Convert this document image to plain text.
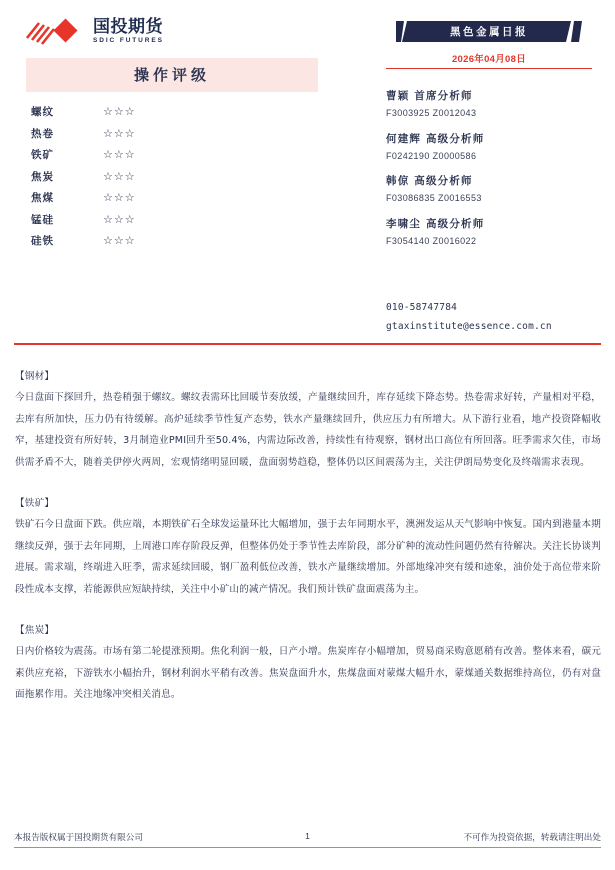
国投期货
SDIC FUTURES
操作评级
螺纹	☆☆☆
热卷	☆☆☆
铁矿	☆☆☆
焦炭	☆☆☆
焦煤	☆☆☆
锰硅	☆☆☆
硅铁	☆☆☆
黑色金属日报
2026年04月08日
曹颖 首席分析师
F3003925 Z0012043
何建辉 高级分析师
F0242190 Z0000586
韩倞 高级分析师
F03086835 Z0016553
李啸尘 高级分析师
F3054140 Z0016022
010-58747784
gtaxinstitute@essence.com.cn
【钢材】
今日盘面下探回升，热卷稍强于螺纹。螺纹表需环比回暖节奏放缓，产量继续回升，库存延续下降态势。热卷需求好转，产量相对平稳，去库有所加快，压力仍有待缓解。高炉延续季节性复产态势，铁水产量继续回升，供应压力有所增大。从下游行业看，地产投资降幅收窄，基建投资有所好转，3月制造业PMI回升至50.4%，内需边际改善，持续性有待观察，钢材出口高位有所回落。旺季需求欠佳，市场供需矛盾不大，随着美伊停火两周，宏观情绪明显回暖，盘面弱势趋稳，整体仍以区间震荡为主，关注伊朗局势变化及终端需求表现。
【铁矿】
铁矿石今日盘面下跌。供应端，本期铁矿石全球发运量环比大幅增加，强于去年同期水平，澳洲发运从天气影响中恢复。国内到港量本期继续反弹，强于去年同期，上周港口库存阶段反弹，但整体仍处于季节性去库阶段，部分矿种的流动性问题仍然有待解决。关注长协谈判进展。需求端，终端进入旺季，需求延续回暖，钢厂盈利低位改善，铁水产量继续增加。外部地缘冲突有缓和迹象，油价处于高位带来阶段性成本支撑，若能源供应短缺持续，关注中小矿山的减产情况。我们预计铁矿盘面震荡为主。
【焦炭】
日内价格较为震荡。市场有第二轮提涨预期。焦化利润一般，日产小增。焦炭库存小幅增加，贸易商采购意愿稍有改善。整体来看，碳元素供应充裕，下游铁水小幅抬升，钢材利润水平稍有改善。焦炭盘面升水，焦煤盘面对蒙煤大幅升水，蒙煤通关数据维持高位，仍有对盘面拖累作用。关注地缘冲突相关消息。
本报告版权属于国投期货有限公司	1	不可作为投资依据，转载请注明出处
